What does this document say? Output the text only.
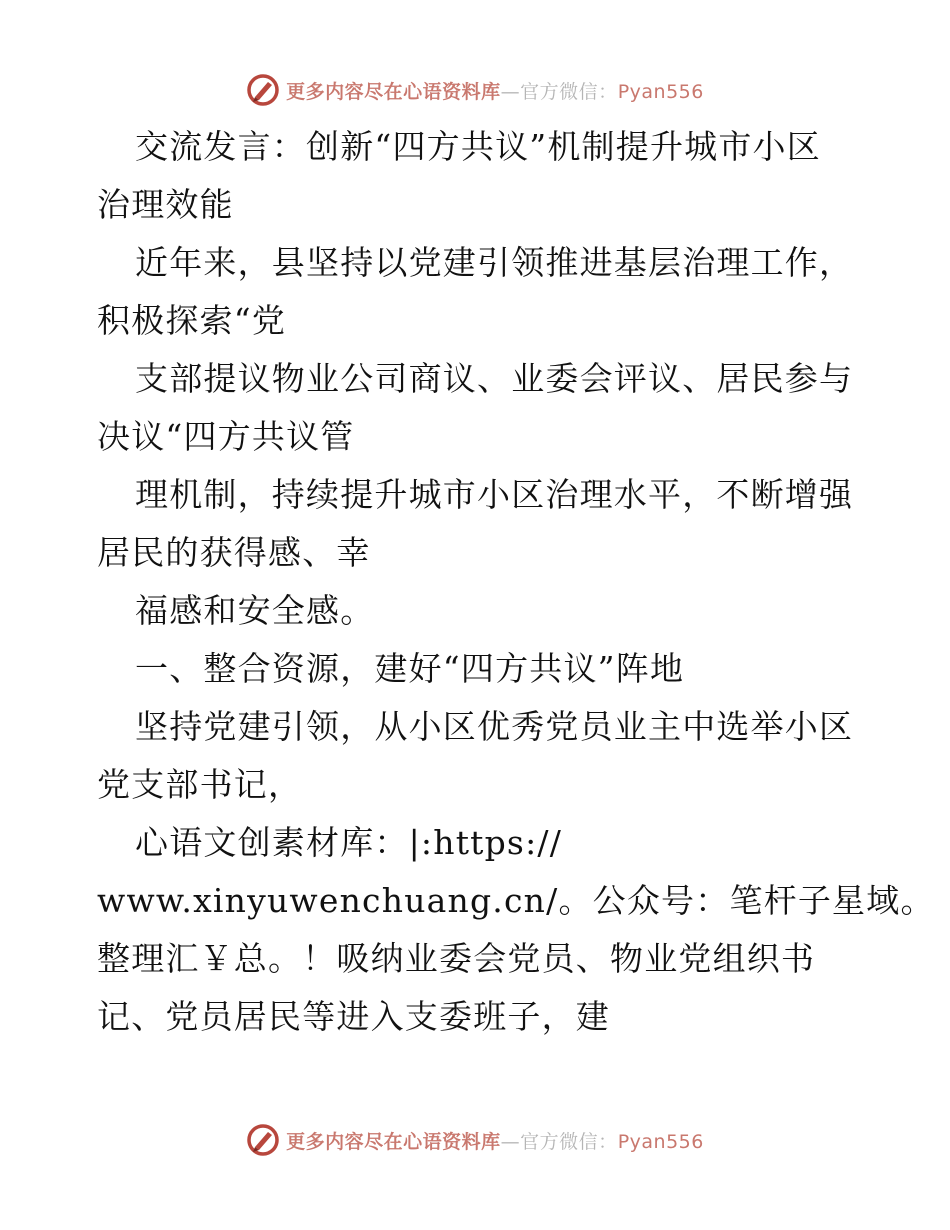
更多内容尽在心语资料库—官方微信：Pyan556
交流发言：创新“四方共议”机制提升城市小区
治理效能
近年来，县坚持以党建引领推进基层治理工作，
积极探索“党
支部提议物业公司商议、业委会评议、居民参与
决议“四方共议管
理机制，持续提升城市小区治理水平，不断增强
居民的获得感、幸
福感和安全感。
一、整合资源，建好“四方共议”阵地
坚持党建引领，从小区优秀党员业主中选举小区
党支部书记，
心语文创素材库：|:https://
www.xinyuwenchuang.cn/。公众号：笔杆子星域。
整理汇￥总。！吸纳业委会党员、物业党组织书
记、党员居民等进入支委班子，建
更多内容尽在心语资料库—官方微信：Pyan556
